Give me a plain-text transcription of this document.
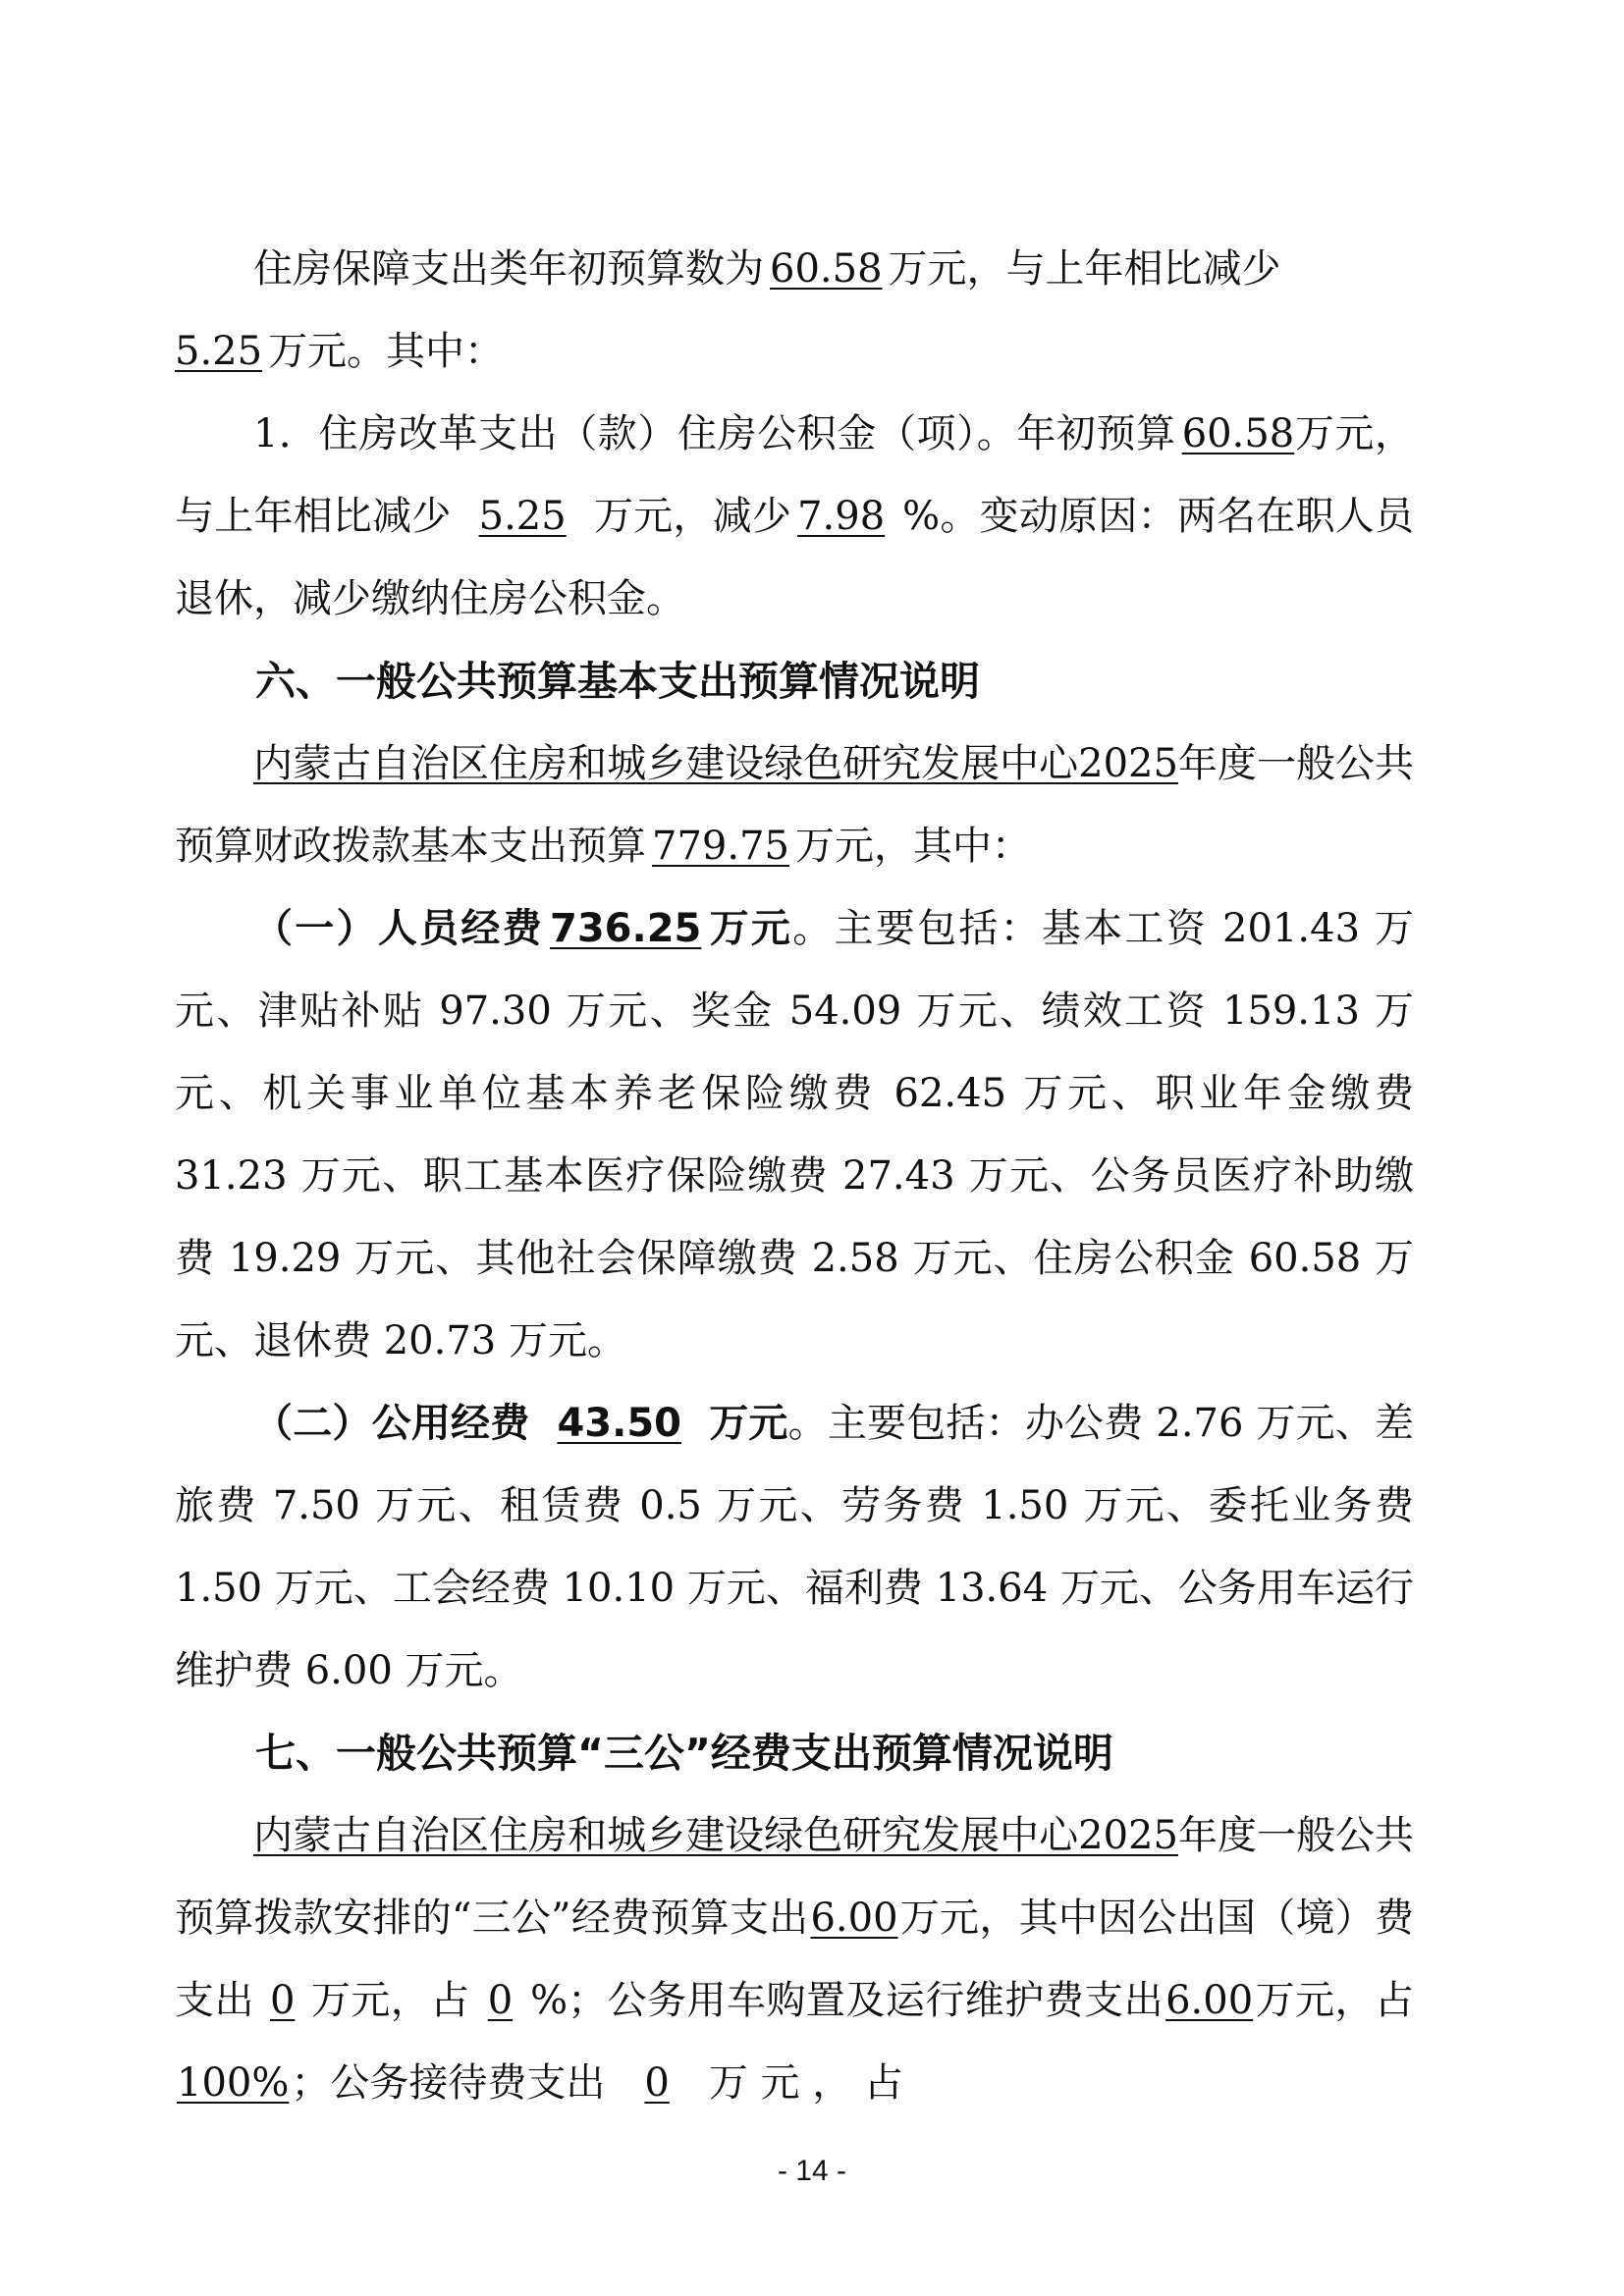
住房保障支出类年初预算数为 60.58 万元，与上年相比减少
5.25 万元。其中：

1．住房改革支出（款）住房公积金（项）。年初预算 60.58万元，与上年相比减少 5.25 万元，减少 7.98 %。变动原因：两名在职人员退休，减少缴纳住房公积金。

六、一般公共预算基本支出预算情况说明

内蒙古自治区住房和城乡建设绿色研究发展中心2025年度一般公共预算财政拨款基本支出预算 779.75 万元，其中：

（一）人员经费 736.25 万元。主要包括：基本工资 201.43 万元、津贴补贴 97.30 万元、奖金 54.09 万元、绩效工资 159.13 万元、机关事业单位基本养老保险缴费 62.45 万元、职业年金缴费 31.23 万元、职工基本医疗保险缴费 27.43 万元、公务员医疗补助缴费 19.29 万元、其他社会保障缴费 2.58 万元、住房公积金 60.58 万元、退休费 20.73 万元。

（二）公用经费 43.50 万元。主要包括：办公费 2.76 万元、差旅费 7.50 万元、租赁费 0.5 万元、劳务费 1.50 万元、委托业务费 1.50 万元、工会经费 10.10 万元、福利费 13.64 万元、公务用车运行维护费 6.00 万元。

七、一般公共预算“三公”经费支出预算情况说明

内蒙古自治区住房和城乡建设绿色研究发展中心2025年度一般公共预算拨款安排的“三公”经费预算支出6.00万元，其中因公出国（境）费支出 0 万元，占 0 %；公务用车购置及运行维护费支出6.00万元，占100%；公务接待费支出 0 万 元 ， 占

- 14 -
